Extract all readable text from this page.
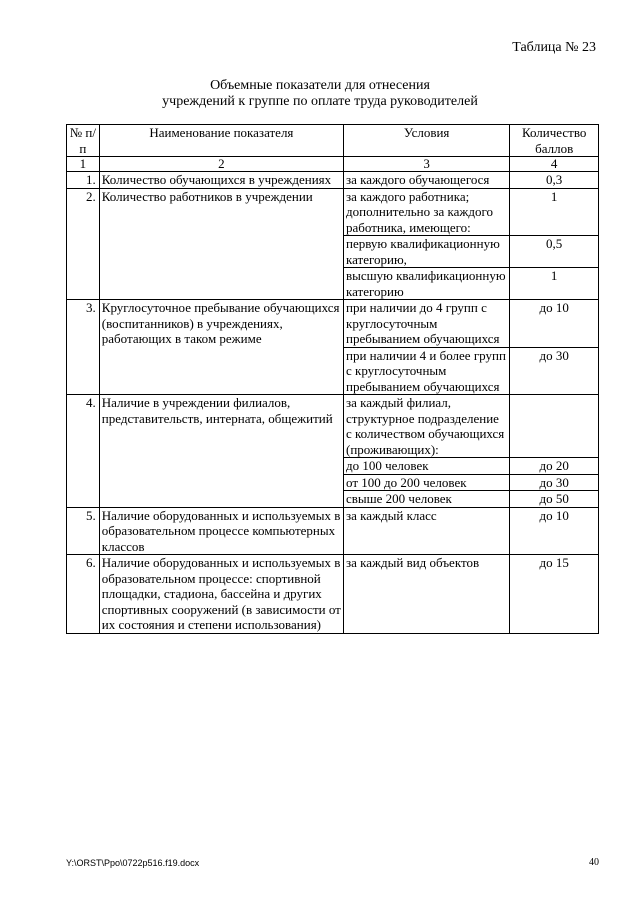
Таблица № 23
Объемные показатели для отнесения
учреждений к группе по оплате труда руководителей
№ п/п	Наименование показателя	Условия	Количество баллов
1	2	3	4
1.	Количество обучающихся в учреждениях	за каждого обучающегося	0,3
2.	Количество работников в учреждении	за каждого работника; дополнительно за каждого работника, имеющего:	1
		первую квалификационную категорию,	0,5
		высшую квалификационную категорию	1
3.	Круглосуточное пребывание обучающихся (воспитанников) в учреждениях, работающих в таком режиме	при наличии до 4 групп с круглосуточным пребыванием обучающихся	до 10
		при наличии 4 и более групп с круглосуточным пребыванием обучающихся	до 30
4.	Наличие в учреждении филиалов, представительств, интерната, общежитий	за каждый филиал, структурное подразделение с количеством обучающихся (проживающих):	
		до 100 человек	до 20
		от 100 до 200 человек	до 30
		свыше 200 человек	до 50
5.	Наличие оборудованных и используемых в образовательном процессе компьютерных классов	за каждый класс	до 10
6.	Наличие оборудованных и используемых в образовательном процессе: спортивной площадки, стадиона, бассейна и других спортивных сооружений (в зависимости от их состояния и степени использования)	за каждый вид объектов	до 15
Y:\ORST\Ppo\0722p516.f19.docx	40
